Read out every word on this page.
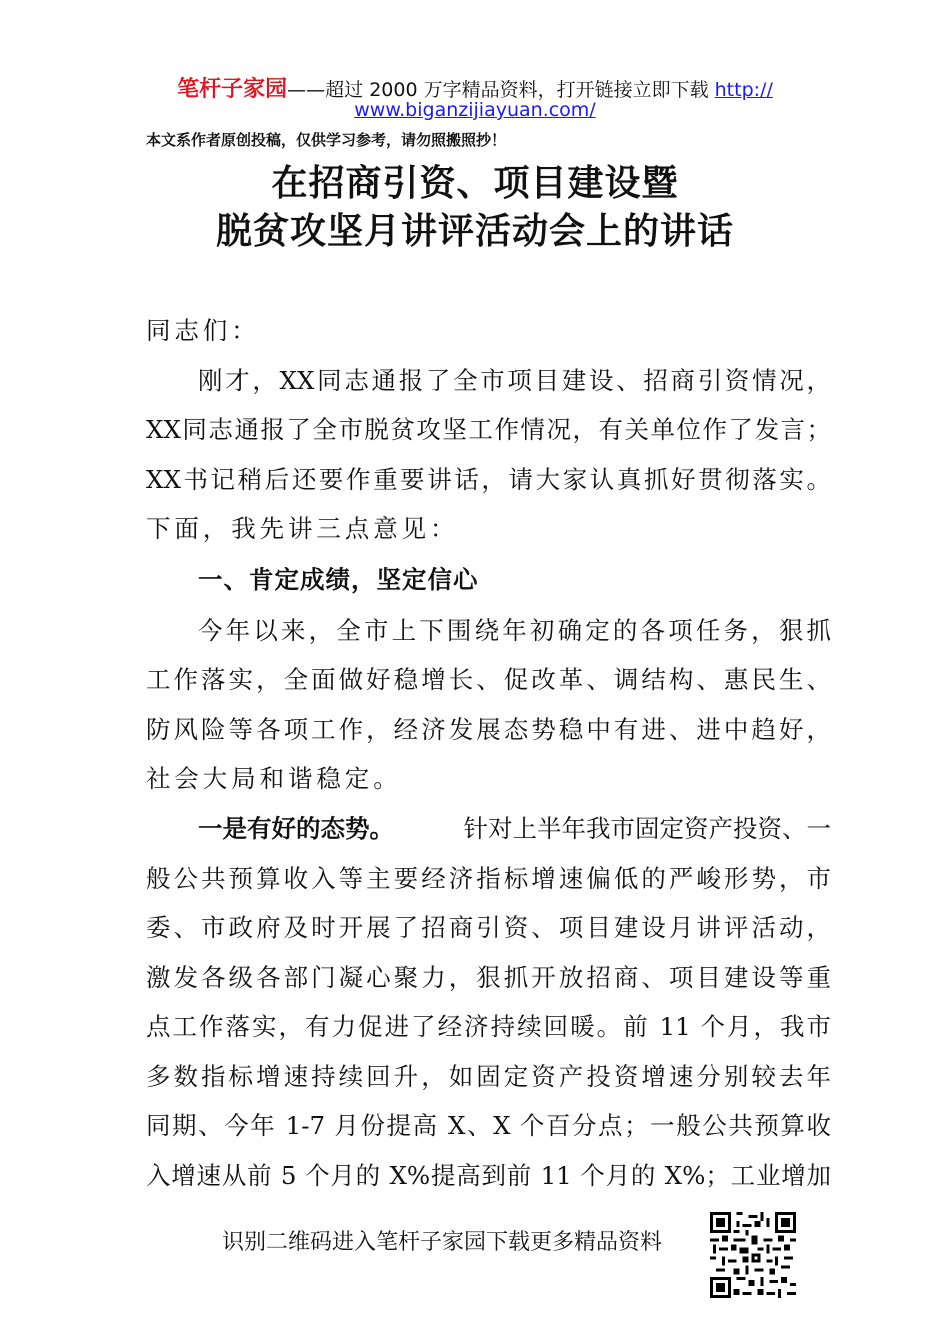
笔杆子家园——超过 2000 万字精品资料，打开链接立即下载 http://
www.biganzijiayuan.com/
本文系作者原创投稿，仅供学习参考，请勿照搬照抄！
在招商引资、项目建设暨
脱贫攻坚月讲评活动会上的讲话
同志们：
刚才，XX同志通报了全市项目建设、招商引资情况，
XX同志通报了全市脱贫攻坚工作情况，有关单位作了发言；
XX书记稍后还要作重要讲话，请大家认真抓好贯彻落实。
下面，我先讲三点意见：
一、肯定成绩，坚定信心
今年以来，全市上下围绕年初确定的各项任务，狠抓
工作落实，全面做好稳增长、促改革、调结构、惠民生、
防风险等各项工作，经济发展态势稳中有进、进中趋好，
社会大局和谐稳定。
一是有好的态势。	针对上半年我市固定资产投资、一
般公共预算收入等主要经济指标增速偏低的严峻形势，市
委、市政府及时开展了招商引资、项目建设月讲评活动，
激发各级各部门凝心聚力，狠抓开放招商、项目建设等重
点工作落实，有力促进了经济持续回暖。前 11 个月，我市
多数指标增速持续回升，如固定资产投资增速分别较去年
同期、今年 1-7 月份提高 X、X 个百分点；一般公共预算收
入增速从前 5 个月的 X%提高到前 11 个月的 X%；工业增加
识别二维码进入笔杆子家园下载更多精品资料
